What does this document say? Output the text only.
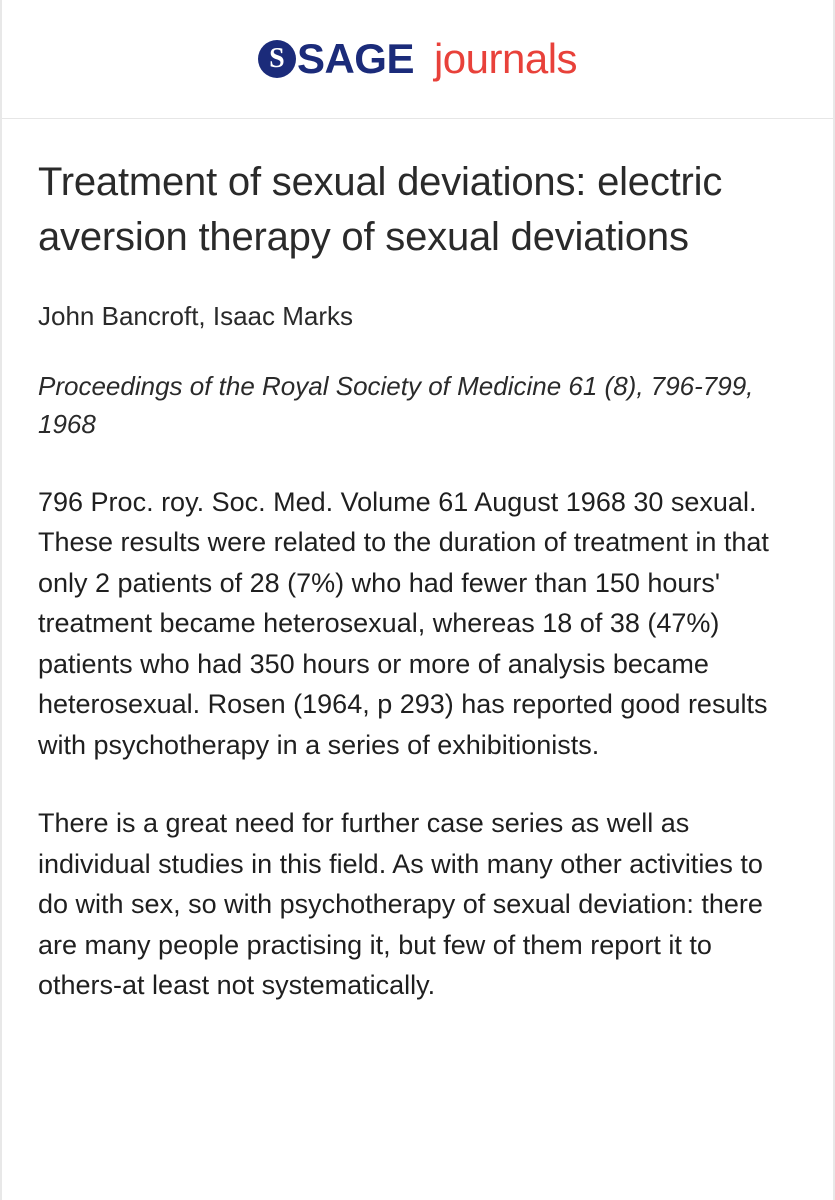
S SAGE journals
Treatment of sexual deviations: electric aversion therapy of sexual deviations
John Bancroft, Isaac Marks
Proceedings of the Royal Society of Medicine 61 (8), 796-799, 1968

796 Proc. roy. Soc. Med. Volume 61 August 1968 30 sexual. These results were related to the duration of treatment in that only 2 patients of 28 (7%) who had fewer than 150 hours' treatment became heterosexual, whereas 18 of 38 (47%) patients who had 350 hours or more of analysis became heterosexual. Rosen (1964, p 293) has reported good results with psychotherapy in a series of exhibitionists.

There is a great need for further case series as well as individual studies in this field. As with many other activities to do with sex, so with psychotherapy of sexual deviation: there are many people practising it, but few of them report it to others-at least not systematically.
